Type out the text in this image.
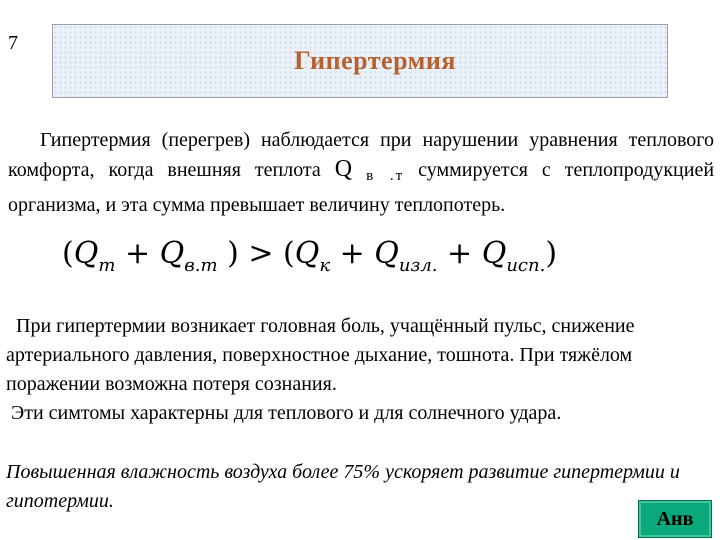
7
Гипертермия

Гипертермия (перегрев) наблюдается при нарушении уравнения теплового комфорта, когда внешняя теплота Q $_{в .т}$ суммируется с теплопродукцией организма, и эта сумма превышает величину теплопотерь.

($Q_m + Q_{в.т}$ ) > $(Q_к + Q_{изл.} + Q_{исп.})$

При гипертермии возникает головная боль, учащённый пульс, снижение артериального давления, поверхностное дыхание, тошнота. При тяжёлом поражении возможна потеря сознания.
Эти симтомы характерны для теплового и для солнечного удара.

Повышенная влажность воздуха более 75% ускоряет развитие гипертермии и гипотермии.

Анв
